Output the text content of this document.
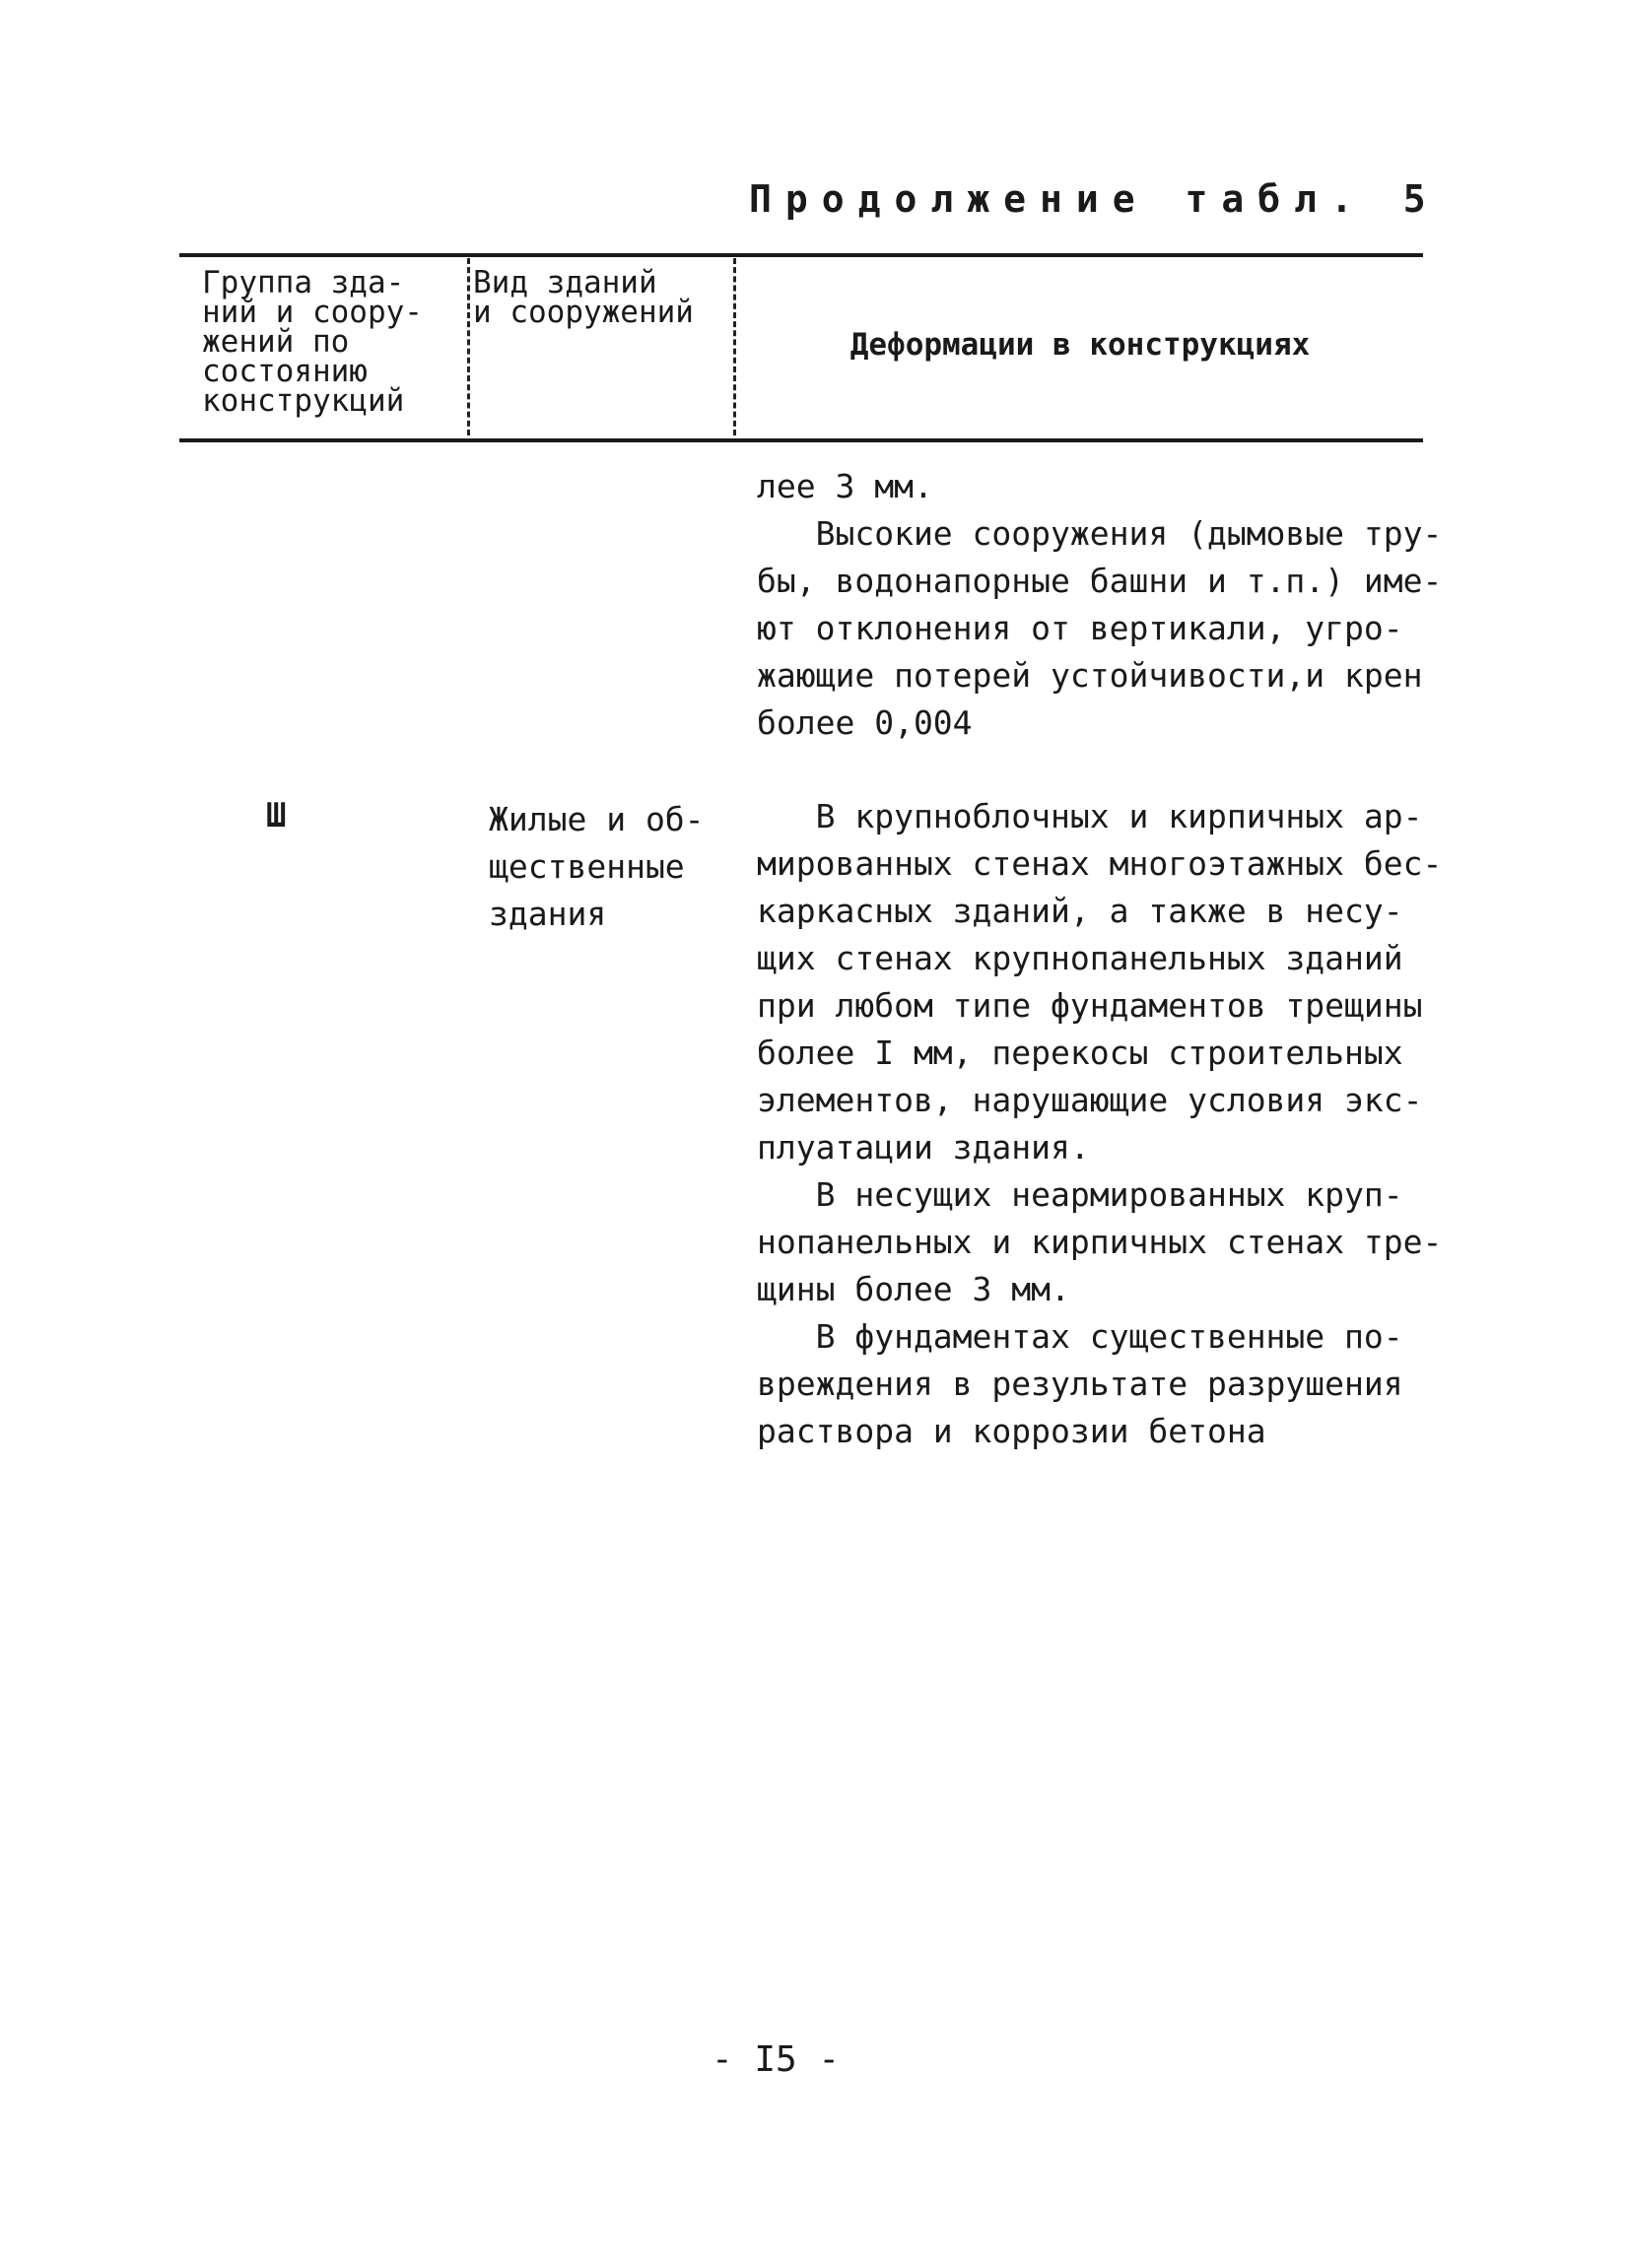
Продолжение табл. 5
Группа зда-
ний и соору-
жений по
состоянию
конструкций
Вид зданий
и сооружений
Деформации в конструкциях

лее 3 мм.

Высокие сооружения (дымовые тру-
бы, водонапорные башни и т.п.) име-
ют отклонения от вертикали, угро-
жающие потерей устойчивости,и крен
более 0,004

Ш	Жилые и об-
щественные
здания

В крупноблочных и кирпичных ар-
мированных стенах многоэтажных бес-
каркасных зданий, а также в несу-
щих стенах крупнопанельных зданий
при любом типе фундаментов трещины
более I мм, перекосы строительных
элементов, нарушающие условия экс-
плуатации здания.

В несущих неармированных круп-
нопанельных и кирпичных стенах тре-
щины более 3 мм.

В фундаментах существенные по-
вреждения в результате разрушения
раствора и коррозии бетона

- I5 -
